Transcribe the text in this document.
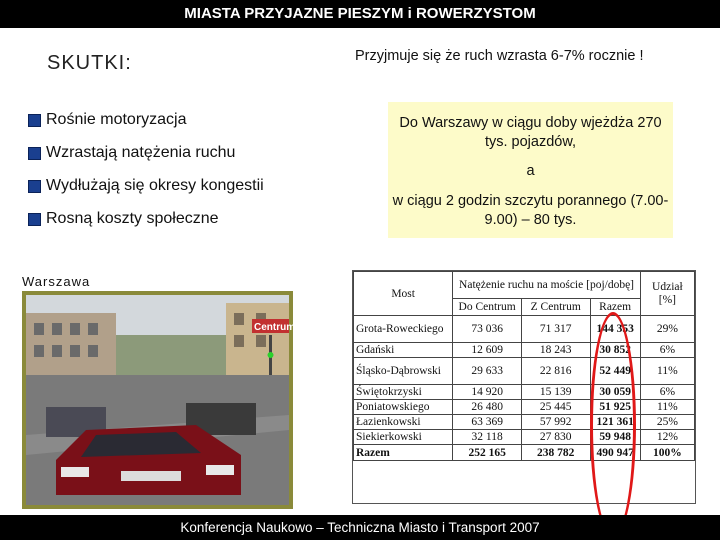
MIASTA PRZYJAZNE PIESZYM i ROWERZYSTOM
SKUTKI:	Przyjmuje się że ruch wzrasta 6-7% rocznie !
Rośnie motoryzacja
Wzrastają natężenia ruchu
Wydłużają się okresy kongestii
Rosną koszty społeczne
Do Warszawy w ciągu doby wjeżdża 270 tys. pojazdów,
a
w ciągu 2 godzin szczytu porannego (7.00-9.00) – 80 tys.
Warszawa
Centrum
Most	Natężenie ruchu na moście [poj/dobę]			Udział [%]
	Do Centrum	Z Centrum	Razem	
Grota-Roweckiego	73 036	71 317	144 353	29%
Gdański	12 609	18 243	30 852	6%
Śląsko-Dąbrowski	29 633	22 816	52 449	11%
Świętokrzyski	14 920	15 139	30 059	6%
Poniatowskiego	26 480	25 445	51 925	11%
Łazienkowski	63 369	57 992	121 361	25%
Siekierkowski	32 118	27 830	59 948	12%
Razem	252 165	238 782	490 947	100%
Konferencja Naukowo – Techniczna Miasto i Transport 2007
